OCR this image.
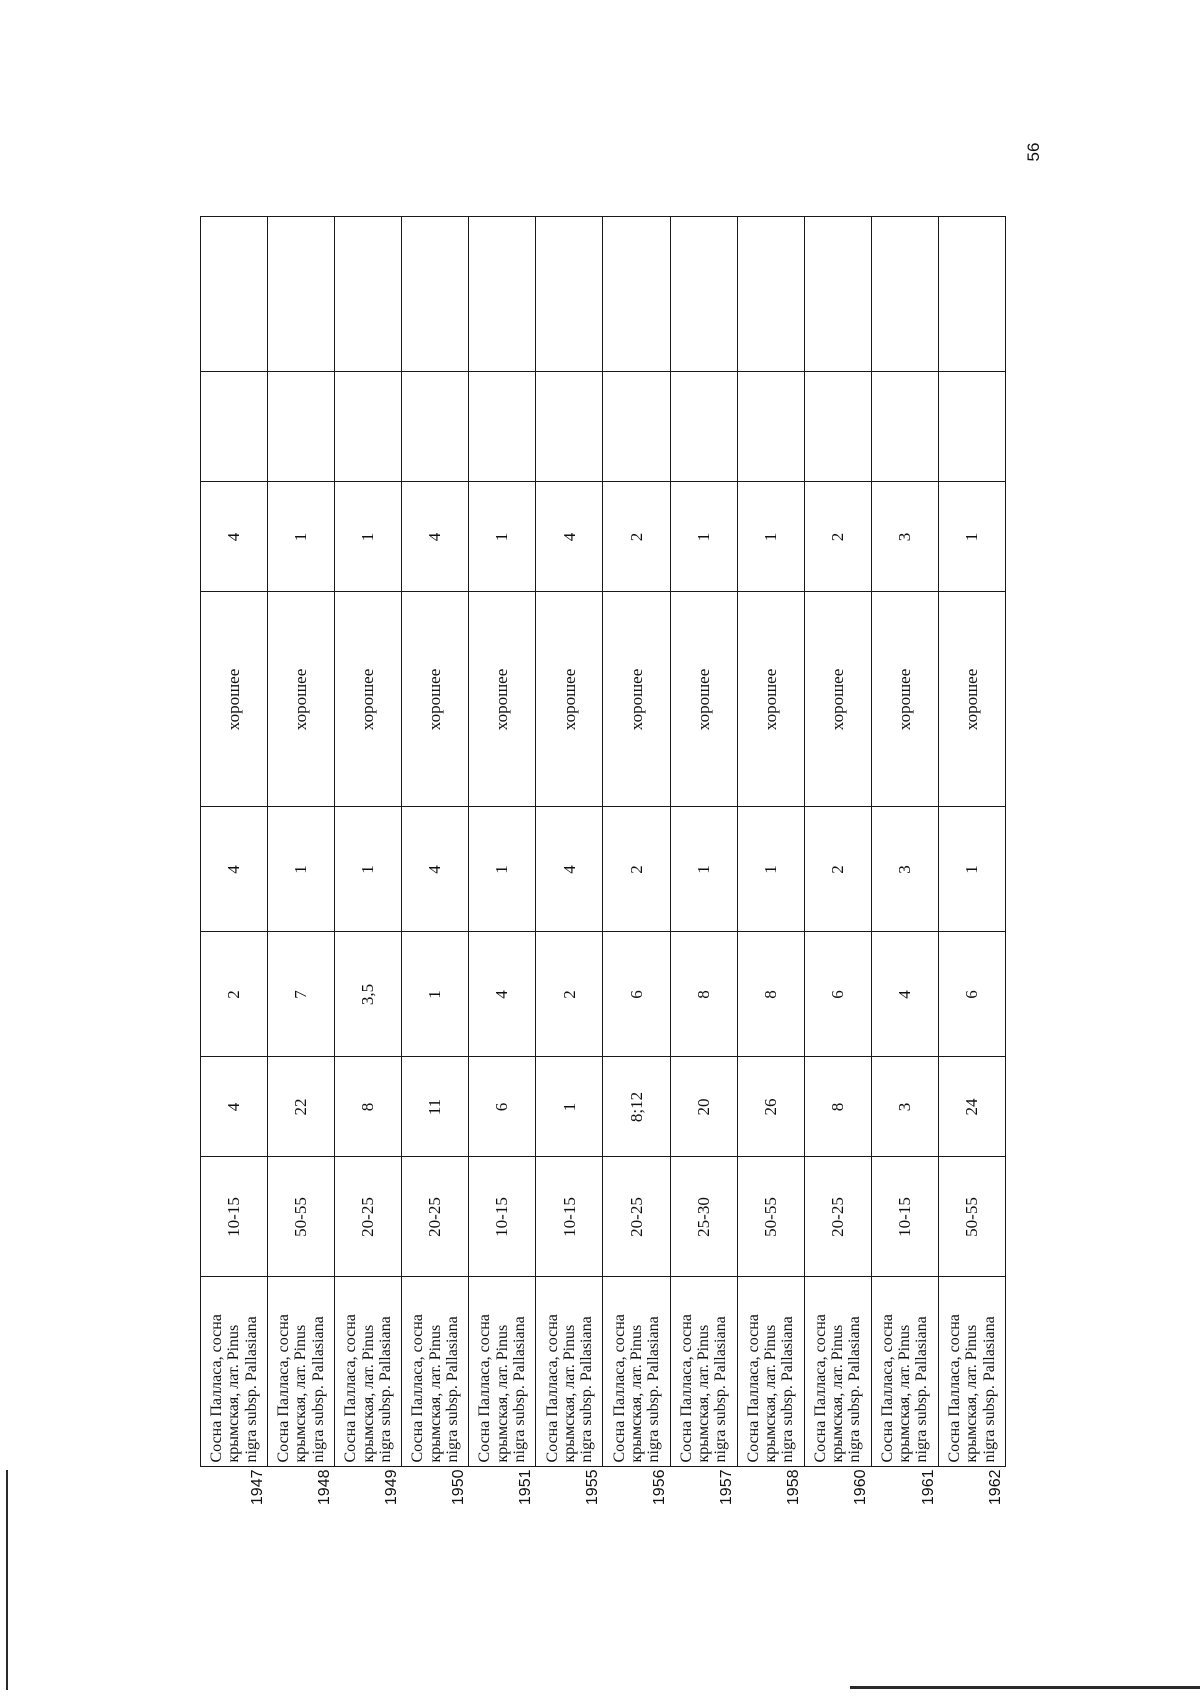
56
1947	Сосна Палласа, сосна крымская, лат. Pinus nigra subsp. Pallasiana	10-15	4	2	4	хорошее	4		
1948	Сосна Палласа, сосна крымская, лат. Pinus nigra subsp. Pallasiana	50-55	22	7	1	хорошее	1		
1949	Сосна Палласа, сосна крымская, лат. Pinus nigra subsp. Pallasiana	20-25	8	3,5	1	хорошее	1		
1950	Сосна Палласа, сосна крымская, лат. Pinus nigra subsp. Pallasiana	20-25	11	1	4	хорошее	4		
1951	Сосна Палласа, сосна крымская, лат. Pinus nigra subsp. Pallasiana	10-15	6	4	1	хорошее	1		
1955	Сосна Палласа, сосна крымская, лат. Pinus nigra subsp. Pallasiana	10-15	1	2	4	хорошее	4		
1956	Сосна Палласа, сосна крымская, лат. Pinus nigra subsp. Pallasiana	20-25	8;12	6	2	хорошее	2		
1957	Сосна Палласа, сосна крымская, лат. Pinus nigra subsp. Pallasiana	25-30	20	8	1	хорошее	1		
1958	Сосна Палласа, сосна крымская, лат. Pinus nigra subsp. Pallasiana	50-55	26	8	1	хорошее	1		
1960	Сосна Палласа, сосна крымская, лат. Pinus nigra subsp. Pallasiana	20-25	8	6	2	хорошее	2		
1961	Сосна Палласа, сосна крымская, лат. Pinus nigra subsp. Pallasiana	10-15	3	4	3	хорошее	3		
1962	Сосна Палласа, сосна крымская, лат. Pinus nigra subsp. Pallasiana	50-55	24	6	1	хорошее	1		
